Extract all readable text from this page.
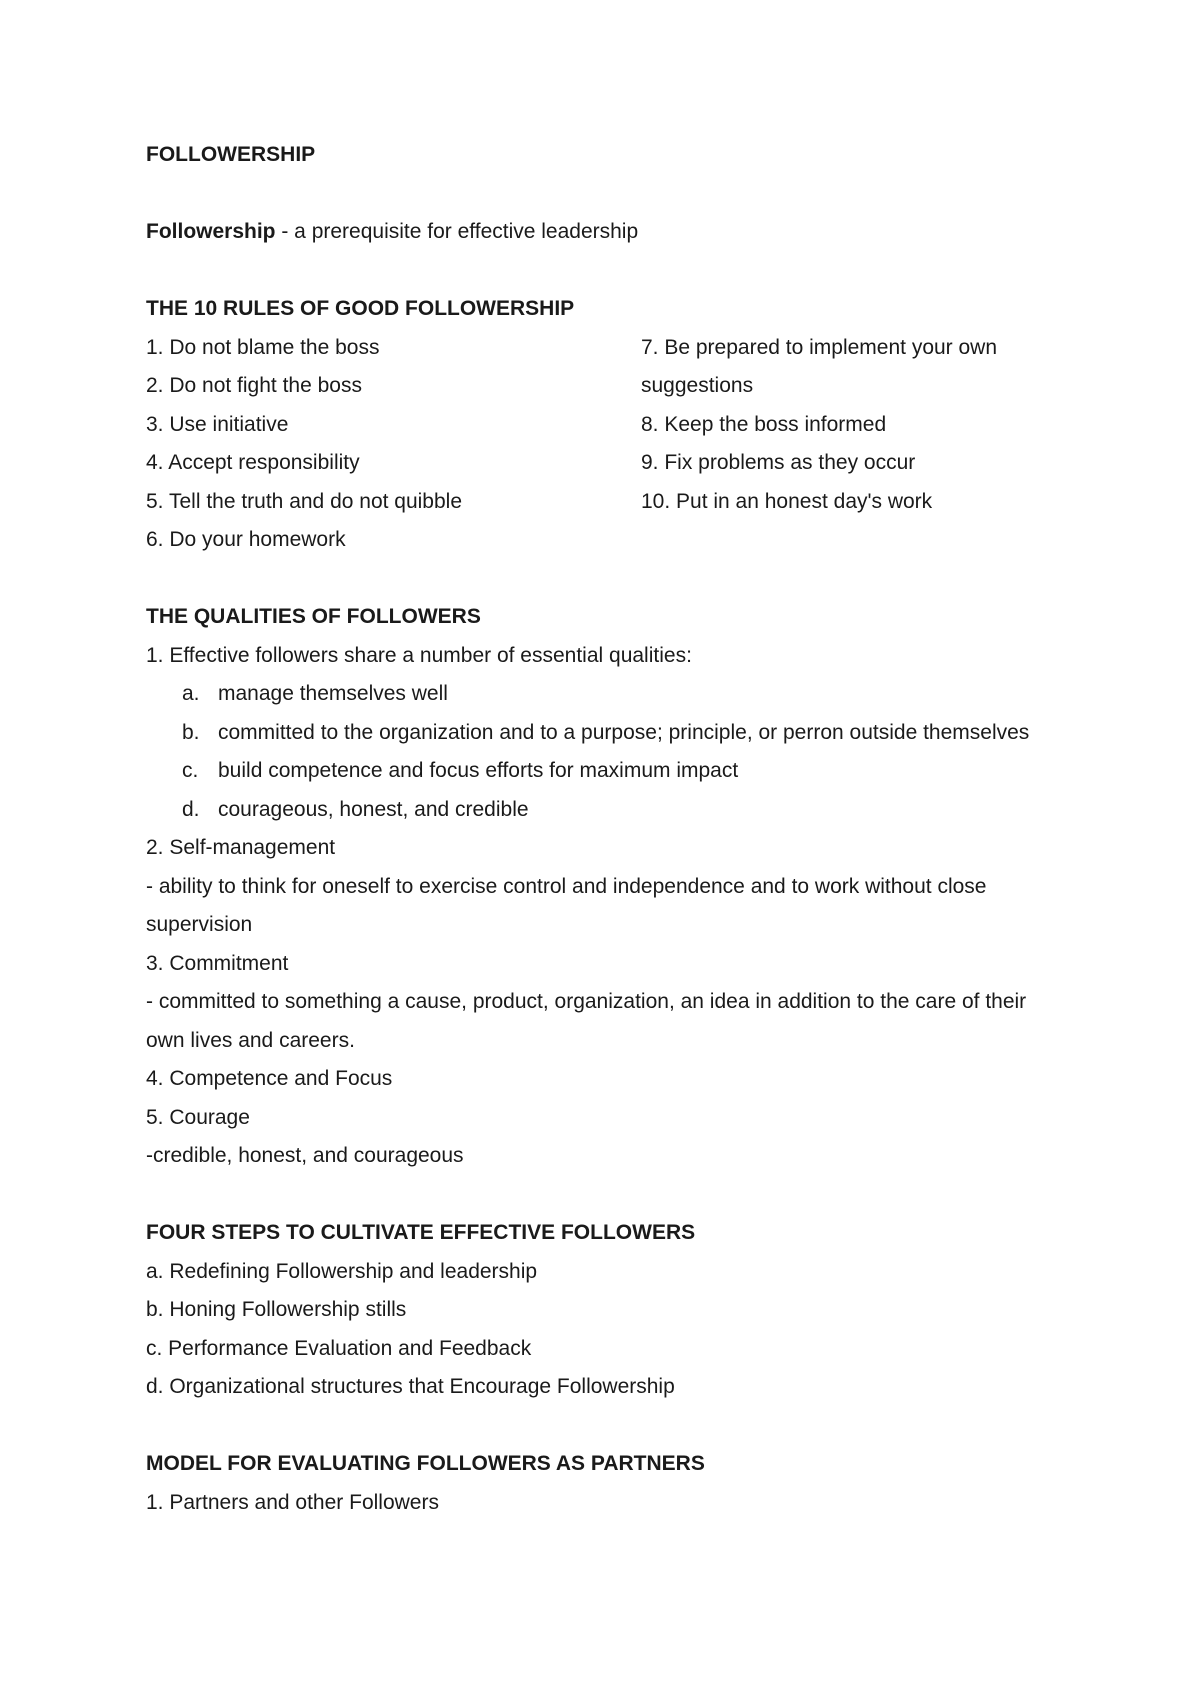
FOLLOWERSHIP
Followership - a prerequisite for effective leadership
THE 10 RULES OF GOOD FOLLOWERSHIP
1. Do not blame the boss
2. Do not fight the boss
3. Use initiative
4. Accept responsibility
5. Tell the truth and do not quibble
6. Do your homework
7. Be prepared to implement your own
suggestions
8. Keep the boss informed
9. Fix problems as they occur
10. Put in an honest day's work
THE QUALITIES OF FOLLOWERS
1. Effective followers share a number of essential qualities:
a. manage themselves well
b. committed to the organization and to a purpose; principle, or perron outside themselves
c. build competence and focus efforts for maximum impact
d. courageous, honest, and credible
2. Self-management
- ability to think for oneself to exercise control and independence and to work without close supervision
3. Commitment
- committed to something a cause, product, organization, an idea in addition to the care of their own lives and careers.
4. Competence and Focus
5. Courage
-credible, honest, and courageous
FOUR STEPS TO CULTIVATE EFFECTIVE FOLLOWERS
a. Redefining Followership and leadership
b. Honing Followership stills
c. Performance Evaluation and Feedback
d. Organizational structures that Encourage Followership
MODEL FOR EVALUATING FOLLOWERS AS PARTNERS
1. Partners and other Followers
